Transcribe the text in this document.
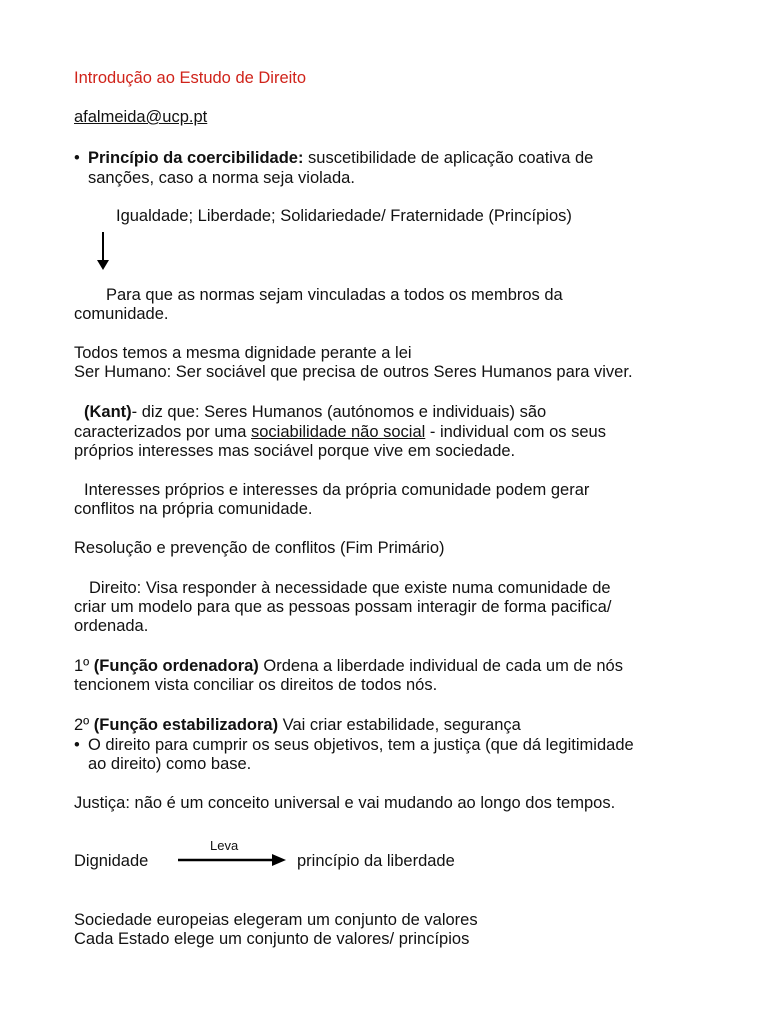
Introdução ao Estudo de Direito
afalmeida@ucp.pt
• Princípio da coercibilidade: suscetibilidade de aplicação coativa de
sanções, caso a norma seja violada.
Igualdade; Liberdade; Solidariedade/ Fraternidade (Princípios)
Para que as normas sejam vinculadas a todos os membros da
comunidade.
Todos temos a mesma dignidade perante a lei
Ser Humano: Ser sociável que precisa de outros Seres Humanos para viver.
(Kant)- diz que: Seres Humanos (autónomos e individuais) são
caracterizados por uma sociabilidade não social - individual com os seus
próprios interesses mas sociável porque vive em sociedade.
Interesses próprios e interesses da própria comunidade podem gerar
conflitos na própria comunidade.
Resolução e prevenção de conflitos (Fim Primário)
Direito: Visa responder à necessidade que existe numa comunidade de
criar um modelo para que as pessoas possam interagir de forma pacifica/
ordenada.
1º (Função ordenadora) Ordena a liberdade individual de cada um de nós
tencionem vista conciliar os direitos de todos nós.
2º (Função estabilizadora) Vai criar estabilidade, segurança
• O direito para cumprir os seus objetivos, tem a justiça (que dá legitimidade
ao direito) como base.
Justiça: não é um conceito universal e vai mudando ao longo dos tempos.
Leva
Dignidade	princípio da liberdade
Sociedade europeias elegeram um conjunto de valores
Cada Estado elege um conjunto de valores/ princípios
